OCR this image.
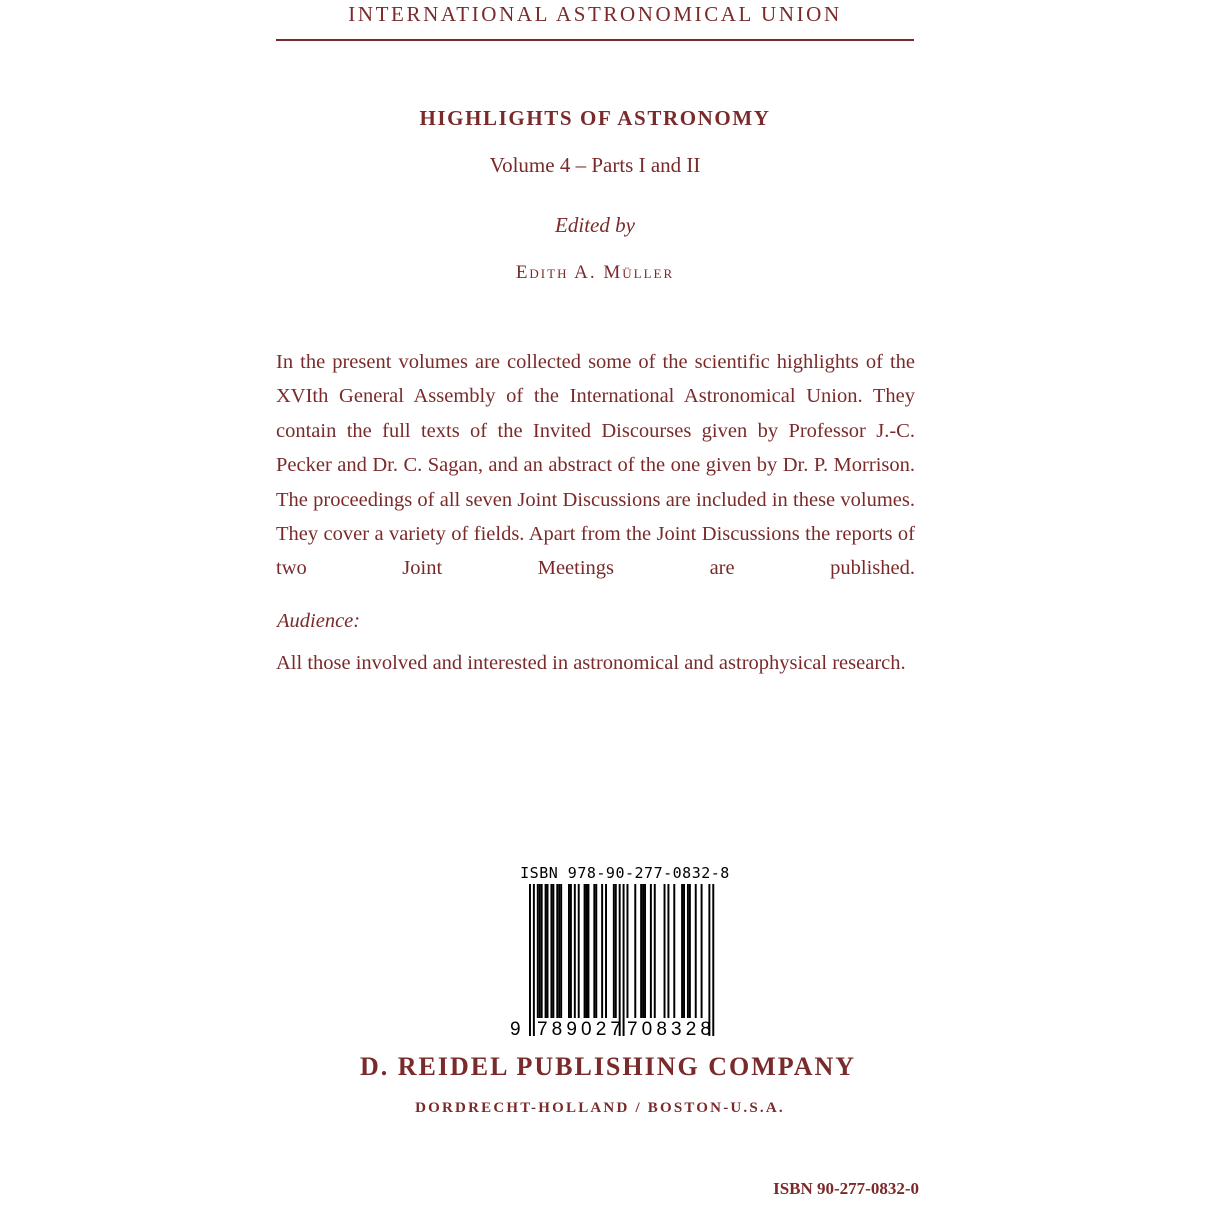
INTERNATIONAL ASTRONOMICAL UNION
HIGHLIGHTS OF ASTRONOMY
Volume 4 – Parts I and II
Edited by
Edith A. Müller

In the present volumes are collected some of the scientific highlights of the XVIth General Assembly of the International Astronomical Union. They contain the full texts of the Invited Discourses given by Professor J.-C. Pecker and Dr. C. Sagan, and an abstract of the one given by Dr. P. Morrison. The proceedings of all seven Joint Discussions are included in these volumes. They cover a variety of fields. Apart from the Joint Discussions the reports of two Joint Meetings are published.

Audience:

All those involved and interested in astronomical and astrophysical research.

ISBN 978-90-277-0832-8
9 789027 708328
D. REIDEL PUBLISHING COMPANY
DORDRECHT-HOLLAND / BOSTON-U.S.A.
ISBN 90-277-0832-0
